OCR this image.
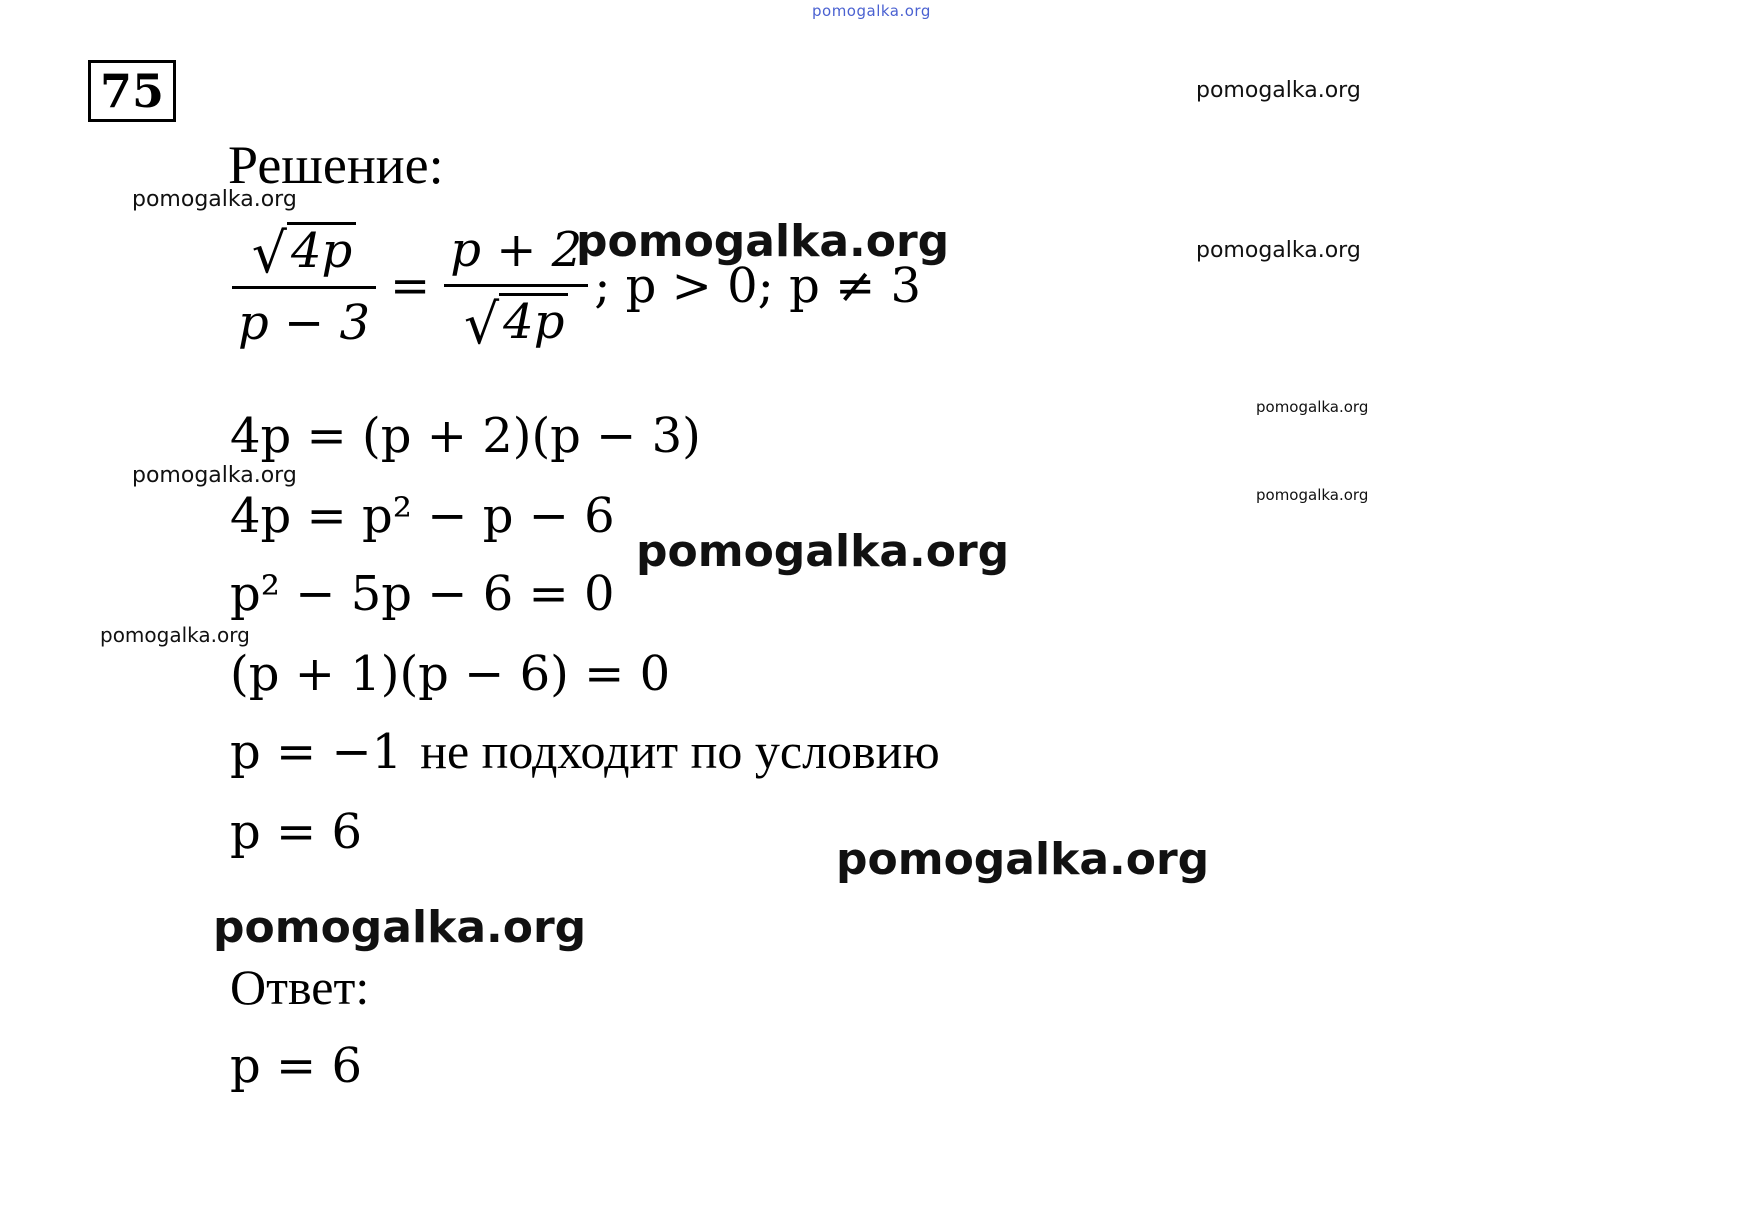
75
pomogalka.org
pomogalka.org
pomogalka.org
pomogalka.org
pomogalka.org
pomogalka.org
pomogalka.org
pomogalka.org
Решение:
$\frac{√ 4p}{p - 3} = \frac{p + 2}{√ 4p}$ ; p > 0; p ≠ 3
4p = (p + 2)(p − 3)
4p = p² − p − 6
p² − 5p − 6 = 0
(p + 1)(p − 6) = 0
p = −1 не подходит по условию
p = 6
pomogalka.org
pomogalka.org
pomogalka.org
pomogalka.org
Ответ:
p = 6
